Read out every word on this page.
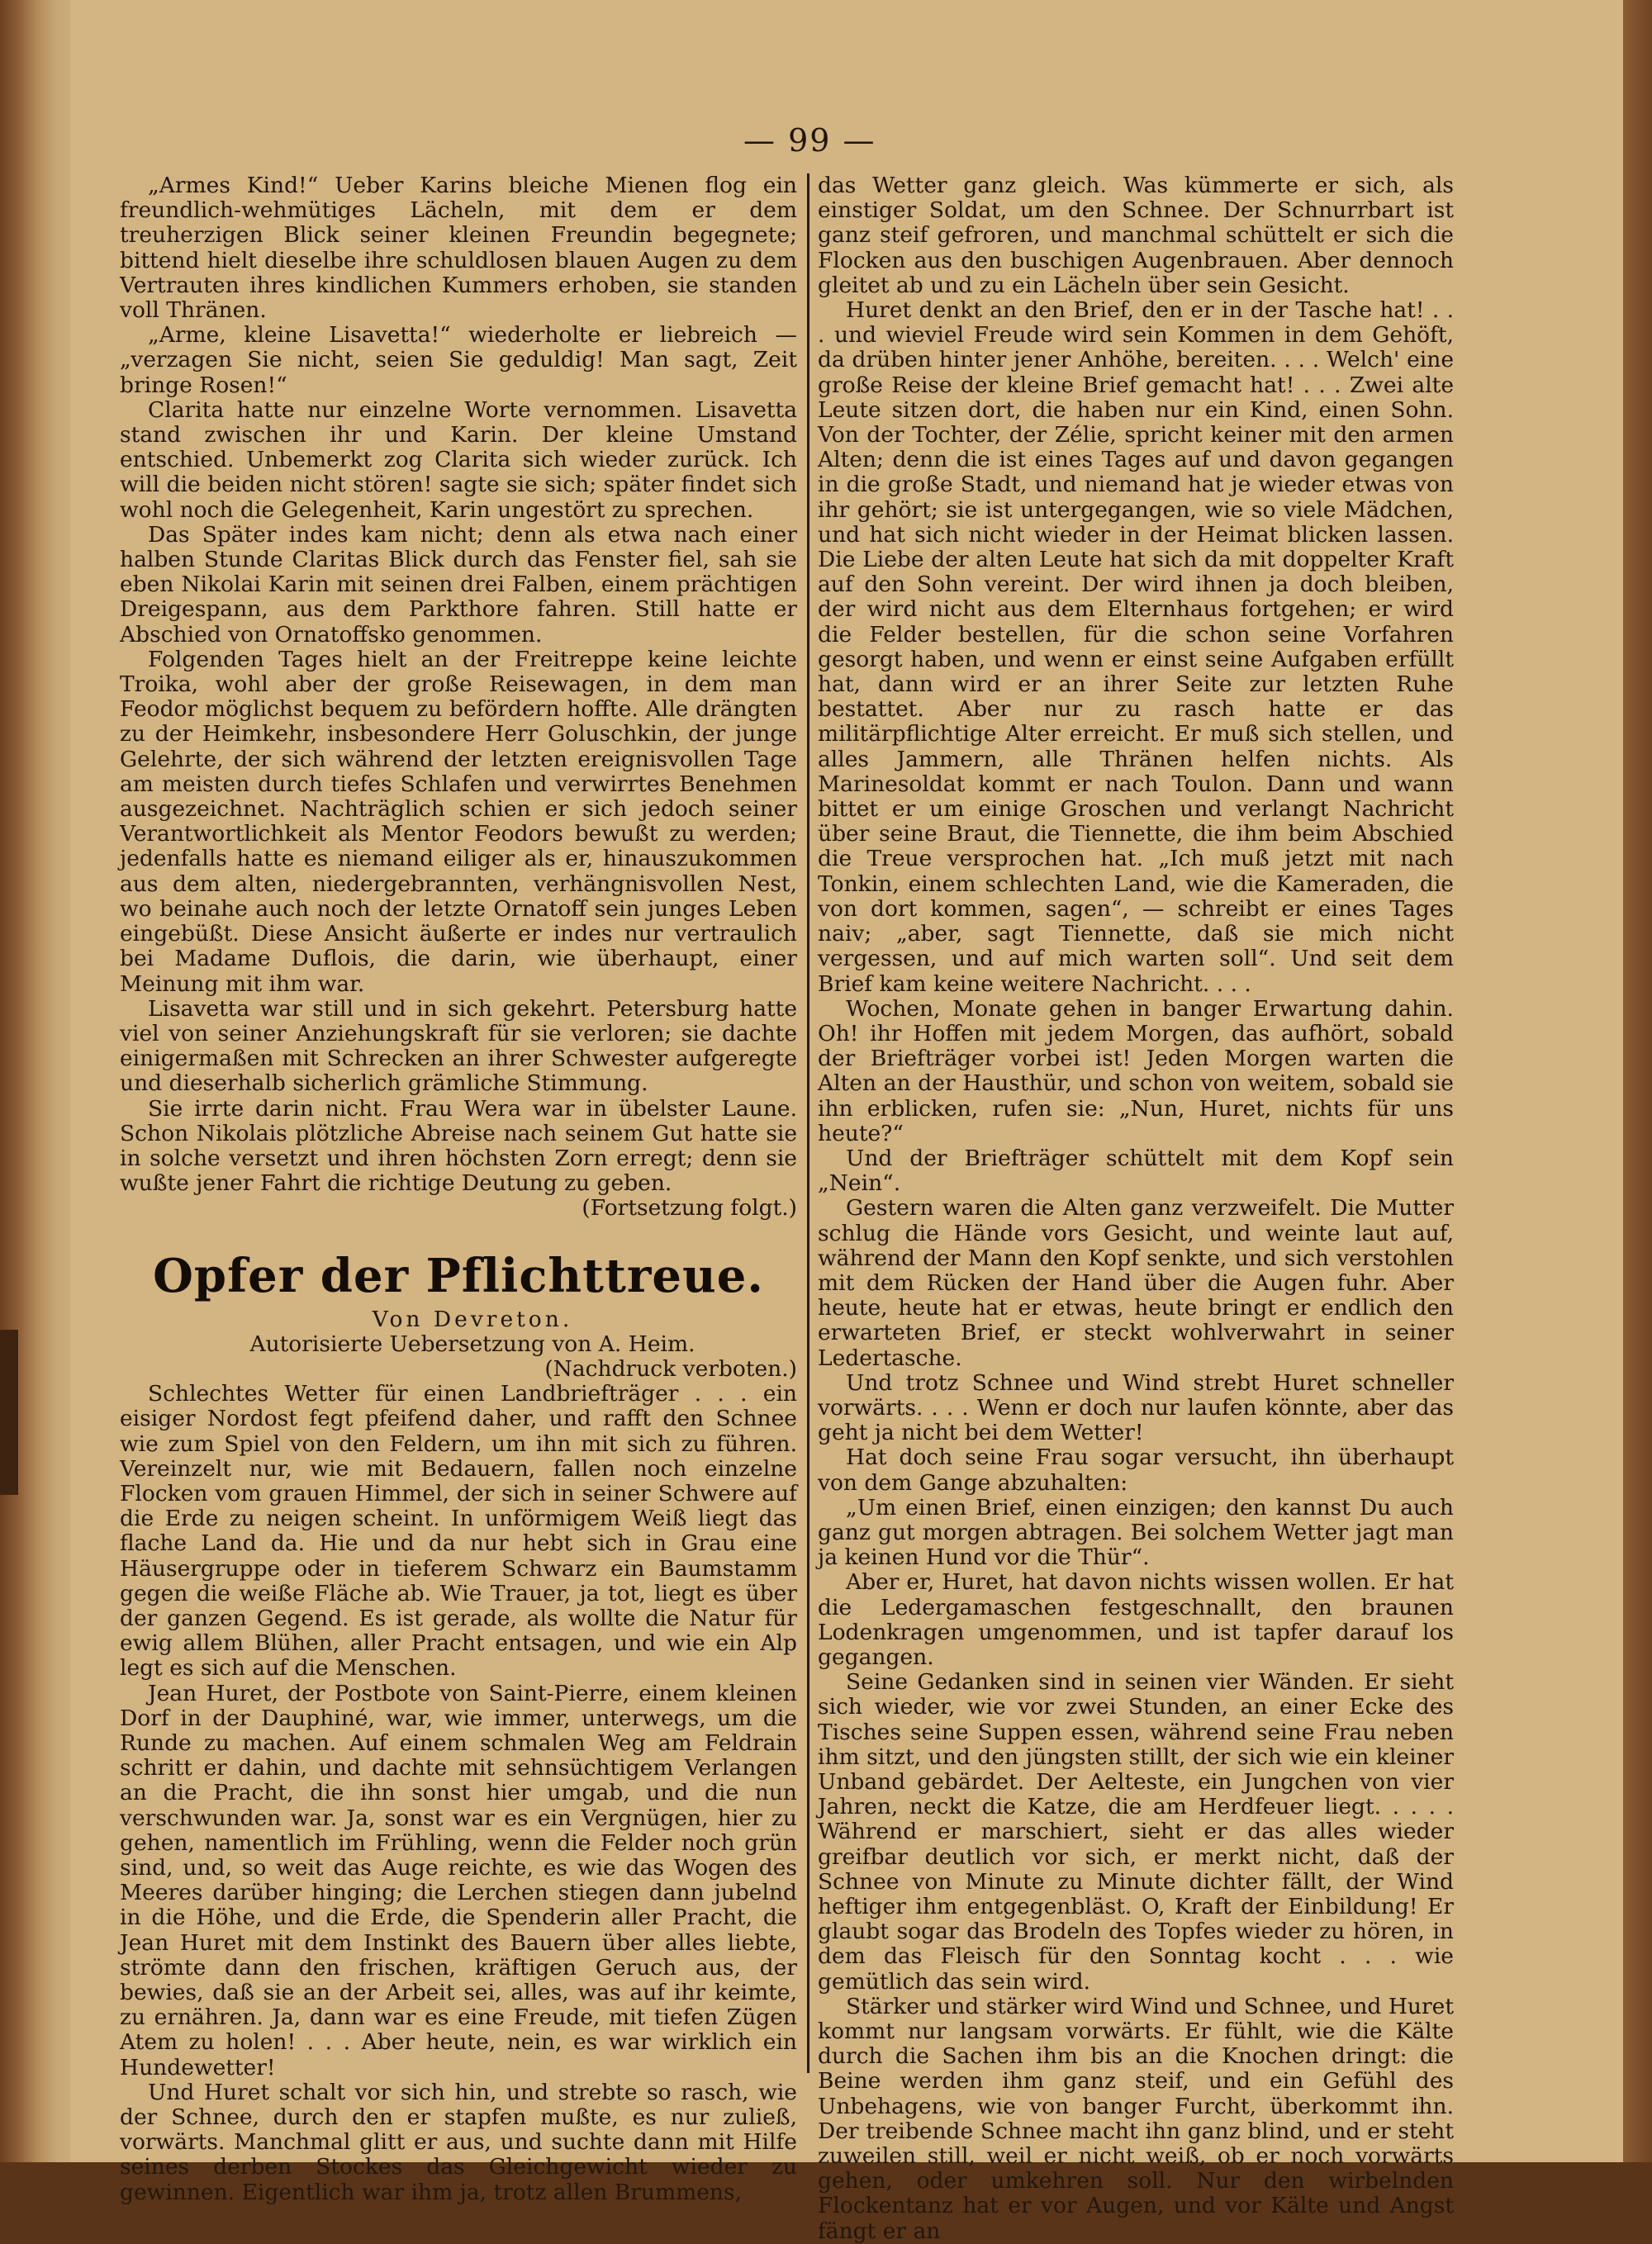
— 99 —

„Armes Kind!“ Ueber Karins bleiche Mienen flog ein freundlich-wehmütiges Lächeln, mit dem er dem treuherzigen Blick seiner kleinen Freundin begegnete; bittend hielt dieselbe ihre schuldlosen blauen Augen zu dem Vertrauten ihres kindlichen Kummers erhoben, sie standen voll Thränen.

„Arme, kleine Lisavetta!“ wiederholte er liebreich — „verzagen Sie nicht, seien Sie geduldig! Man sagt, Zeit bringe Rosen!“

Clarita hatte nur einzelne Worte vernommen. Lisavetta stand zwischen ihr und Karin. Der kleine Umstand entschied. Unbemerkt zog Clarita sich wieder zurück. Ich will die beiden nicht stören! sagte sie sich; später findet sich wohl noch die Gelegenheit, Karin ungestört zu sprechen.

Das Später indes kam nicht; denn als etwa nach einer halben Stunde Claritas Blick durch das Fenster fiel, sah sie eben Nikolai Karin mit seinen drei Falben, einem prächtigen Dreigespann, aus dem Parkthore fahren. Still hatte er Abschied von Ornatoffsko genommen.

Folgenden Tages hielt an der Freitreppe keine leichte Troika, wohl aber der große Reisewagen, in dem man Feodor möglichst bequem zu befördern hoffte. Alle drängten zu der Heimkehr, insbesondere Herr Goluschkin, der junge Gelehrte, der sich während der letzten ereignisvollen Tage am meisten durch tiefes Schlafen und verwirrtes Benehmen ausgezeichnet. Nachträglich schien er sich jedoch seiner Verantwortlichkeit als Mentor Feodors bewußt zu werden; jedenfalls hatte es niemand eiliger als er, hinauszukommen aus dem alten, niedergebrannten, verhängnisvollen Nest, wo beinahe auch noch der letzte Ornatoff sein junges Leben eingebüßt. Diese Ansicht äußerte er indes nur vertraulich bei Madame Duflois, die darin, wie überhaupt, einer Meinung mit ihm war.

Lisavetta war still und in sich gekehrt. Petersburg hatte viel von seiner Anziehungskraft für sie verloren; sie dachte einigermaßen mit Schrecken an ihrer Schwester aufgeregte und dieserhalb sicherlich grämliche Stimmung.

Sie irrte darin nicht. Frau Wera war in übelster Laune. Schon Nikolais plötzliche Abreise nach seinem Gut hatte sie in solche versetzt und ihren höchsten Zorn erregt; denn sie wußte jener Fahrt die richtige Deutung zu geben.

(Fortsetzung folgt.)

Opfer der Pflichttreue.

Von Devreton.

Autorisierte Uebersetzung von A. Heim.

(Nachdruck verboten.)

Schlechtes Wetter für einen Landbriefträger . . . ein eisiger Nordost fegt pfeifend daher, und rafft den Schnee wie zum Spiel von den Feldern, um ihn mit sich zu führen. Vereinzelt nur, wie mit Bedauern, fallen noch einzelne Flocken vom grauen Himmel, der sich in seiner Schwere auf die Erde zu neigen scheint. In unförmigem Weiß liegt das flache Land da. Hie und da nur hebt sich in Grau eine Häusergruppe oder in tieferem Schwarz ein Baumstamm gegen die weiße Fläche ab. Wie Trauer, ja tot, liegt es über der ganzen Gegend. Es ist gerade, als wollte die Natur für ewig allem Blühen, aller Pracht entsagen, und wie ein Alp legt es sich auf die Menschen.

Jean Huret, der Postbote von Saint-Pierre, einem kleinen Dorf in der Dauphiné, war, wie immer, unterwegs, um die Runde zu machen. Auf einem schmalen Weg am Feldrain schritt er dahin, und dachte mit sehnsüchtigem Verlangen an die Pracht, die ihn sonst hier umgab, und die nun verschwunden war. Ja, sonst war es ein Vergnügen, hier zu gehen, namentlich im Frühling, wenn die Felder noch grün sind, und, so weit das Auge reichte, es wie das Wogen des Meeres darüber hinging; die Lerchen stiegen dann jubelnd in die Höhe, und die Erde, die Spenderin aller Pracht, die Jean Huret mit dem Instinkt des Bauern über alles liebte, strömte dann den frischen, kräftigen Geruch aus, der bewies, daß sie an der Arbeit sei, alles, was auf ihr keimte, zu ernähren. Ja, dann war es eine Freude, mit tiefen Zügen Atem zu holen! . . . Aber heute, nein, es war wirklich ein Hundewetter!

Und Huret schalt vor sich hin, und strebte so rasch, wie der Schnee, durch den er stapfen mußte, es nur zuließ, vorwärts. Manchmal glitt er aus, und suchte dann mit Hilfe seines derben Stockes das Gleichgewicht wieder zu gewinnen. Eigentlich war ihm ja, trotz allen Brummens,

das Wetter ganz gleich. Was kümmerte er sich, als einstiger Soldat, um den Schnee. Der Schnurrbart ist ganz steif gefroren, und manchmal schüttelt er sich die Flocken aus den buschigen Augenbrauen. Aber dennoch gleitet ab und zu ein Lächeln über sein Gesicht.

Huret denkt an den Brief, den er in der Tasche hat! . . . und wieviel Freude wird sein Kommen in dem Gehöft, da drüben hinter jener Anhöhe, bereiten. . . . Welch' eine große Reise der kleine Brief gemacht hat! . . . Zwei alte Leute sitzen dort, die haben nur ein Kind, einen Sohn. Von der Tochter, der Zélie, spricht keiner mit den armen Alten; denn die ist eines Tages auf und davon gegangen in die große Stadt, und niemand hat je wieder etwas von ihr gehört; sie ist untergegangen, wie so viele Mädchen, und hat sich nicht wieder in der Heimat blicken lassen. Die Liebe der alten Leute hat sich da mit doppelter Kraft auf den Sohn vereint. Der wird ihnen ja doch bleiben, der wird nicht aus dem Elternhaus fortgehen; er wird die Felder bestellen, für die schon seine Vorfahren gesorgt haben, und wenn er einst seine Aufgaben erfüllt hat, dann wird er an ihrer Seite zur letzten Ruhe bestattet. Aber nur zu rasch hatte er das militärpflichtige Alter erreicht. Er muß sich stellen, und alles Jammern, alle Thränen helfen nichts. Als Marinesoldat kommt er nach Toulon. Dann und wann bittet er um einige Groschen und verlangt Nachricht über seine Braut, die Tiennette, die ihm beim Abschied die Treue versprochen hat. „Ich muß jetzt mit nach Tonkin, einem schlechten Land, wie die Kameraden, die von dort kommen, sagen“, — schreibt er eines Tages naiv; „aber, sagt Tiennette, daß sie mich nicht vergessen, und auf mich warten soll“. Und seit dem Brief kam keine weitere Nachricht. . . .

Wochen, Monate gehen in banger Erwartung dahin. Oh! ihr Hoffen mit jedem Morgen, das aufhört, sobald der Briefträger vorbei ist! Jeden Morgen warten die Alten an der Hausthür, und schon von weitem, sobald sie ihn erblicken, rufen sie: „Nun, Huret, nichts für uns heute?“

Und der Briefträger schüttelt mit dem Kopf sein „Nein“.

Gestern waren die Alten ganz verzweifelt. Die Mutter schlug die Hände vors Gesicht, und weinte laut auf, während der Mann den Kopf senkte, und sich verstohlen mit dem Rücken der Hand über die Augen fuhr. Aber heute, heute hat er etwas, heute bringt er endlich den erwarteten Brief, er steckt wohlverwahrt in seiner Ledertasche.

Und trotz Schnee und Wind strebt Huret schneller vorwärts. . . . Wenn er doch nur laufen könnte, aber das geht ja nicht bei dem Wetter!

Hat doch seine Frau sogar versucht, ihn überhaupt von dem Gange abzuhalten:

„Um einen Brief, einen einzigen; den kannst Du auch ganz gut morgen abtragen. Bei solchem Wetter jagt man ja keinen Hund vor die Thür“.

Aber er, Huret, hat davon nichts wissen wollen. Er hat die Ledergamaschen festgeschnallt, den braunen Lodenkragen umgenommen, und ist tapfer darauf los gegangen.

Seine Gedanken sind in seinen vier Wänden. Er sieht sich wieder, wie vor zwei Stunden, an einer Ecke des Tisches seine Suppen essen, während seine Frau neben ihm sitzt, und den jüngsten stillt, der sich wie ein kleiner Unband gebärdet. Der Aelteste, ein Jungchen von vier Jahren, neckt die Katze, die am Herdfeuer liegt. . . . . Während er marschiert, sieht er das alles wieder greifbar deutlich vor sich, er merkt nicht, daß der Schnee von Minute zu Minute dichter fällt, der Wind heftiger ihm entgegenbläst. O, Kraft der Einbildung! Er glaubt sogar das Brodeln des Topfes wieder zu hören, in dem das Fleisch für den Sonntag kocht . . . wie gemütlich das sein wird.

Stärker und stärker wird Wind und Schnee, und Huret kommt nur langsam vorwärts. Er fühlt, wie die Kälte durch die Sachen ihm bis an die Knochen dringt: die Beine werden ihm ganz steif, und ein Gefühl des Unbehagens, wie von banger Furcht, überkommt ihn. Der treibende Schnee macht ihn ganz blind, und er steht zuweilen still, weil er nicht weiß, ob er noch vorwärts gehen, oder umkehren soll. Nur den wirbelnden Flockentanz hat er vor Augen, und vor Kälte und Angst fängt er an
